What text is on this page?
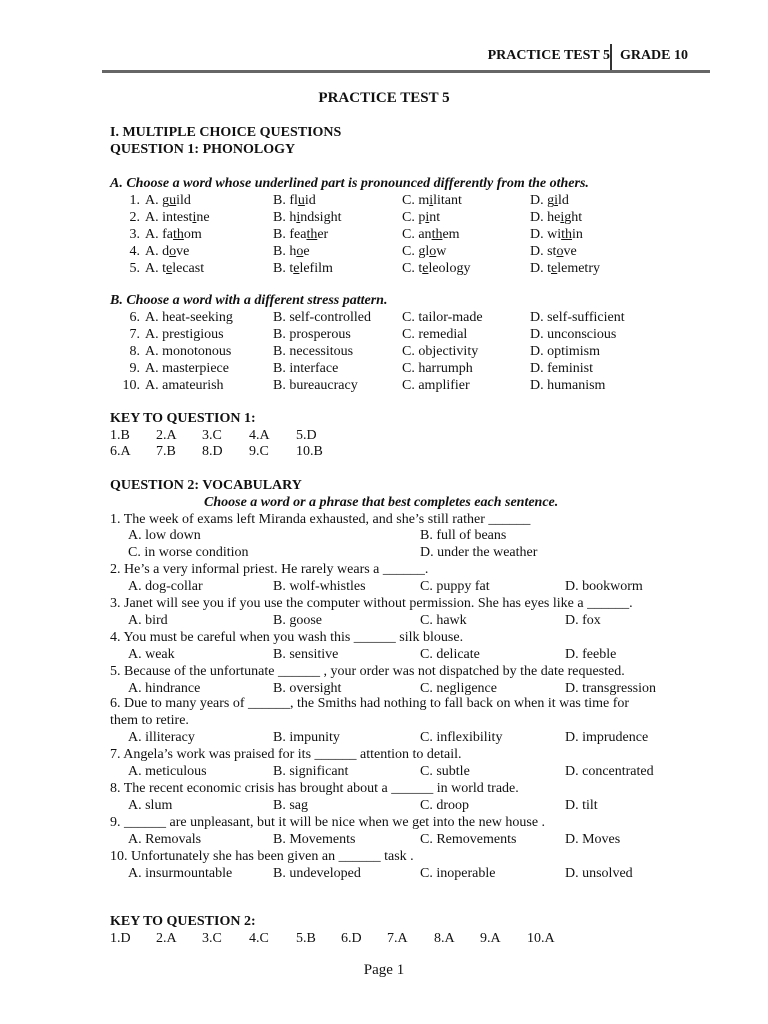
PRACTICE TEST 5 GRADE 10
PRACTICE TEST 5
I. MULTIPLE CHOICE QUESTIONS
QUESTION 1: PHONOLOGY
A. Choose a word whose underlined part is pronounced differently from the others.
1. A. guild	B. fluid	C. militant	D. gild
2. A. intestine	B. hindsight	C. pint	D. height
3. A. fathom	B. feather	C. anthem	D. within
4. A. dove	B. hoe	C. glow	D. stove
5. A. telecast	B. telefilm	C. teleology	D. telemetry
B. Choose a word with a different stress pattern.
6. A. heat-seeking	B. self-controlled C. tailor-made	D. self-sufficient
7. A. prestigious	B. prosperous	C. remedial	D. unconscious
8. A. monotonous	B. necessitous	C. objectivity	D. optimism
9. A. masterpiece	B. interface	C. harrumph	D. feminist
10. A. amateurish	B. bureaucracy	C. amplifier	D. humanism
KEY TO QUESTION 1:
1.B 2.A 3.C 4.A 5.D
6.A 7.B 8.D 9.C 10.B
QUESTION 2: VOCABULARY
Choose a word or a phrase that best completes each sentence.
1. The week of exams left Miranda exhausted, and she’s still rather ______
A. low down	B. full of beans
C. in worse condition	D. under the weather
2. He’s a very informal priest. He rarely wears a ______.
A. dog-collar	B. wolf-whistles	C. puppy fat	D. bookworm
3. Janet will see you if you use the computer without permission. She has eyes like a ______.
A. bird	B. goose	C. hawk	D. fox
4. You must be careful when you wash this ______ silk blouse.
A. weak	B. sensitive	C. delicate	D. feeble
5. Because of the unfortunate ______ , your order was not dispatched by the date requested.
A. hindrance	B. oversight	C. negligence	D. transgression
6. Due to many years of ______, the Smiths had nothing to fall back on when it was time for
them to retire.
A. illiteracy	B. impunity	C. inflexibility	D. imprudence
7. Angela’s work was praised for its ______ attention to detail.
A. meticulous	B. significant	C. subtle	D. concentrated
8. The recent economic crisis has brought about a ______ in world trade.
A. slum	B. sag	C. droop	D. tilt
9. ______ are unpleasant, but it will be nice when we get into the new house .
A. Removals	B. Movements	C. Removements	D. Moves
10. Unfortunately she has been given an ______ task .
A. insurmountable	B. undeveloped	C. inoperable	D. unsolved
KEY TO QUESTION 2:
1.D 2.A 3.C 4.C 5.B 6.D 7.A 8.A 9.A 10.A
Page 1
